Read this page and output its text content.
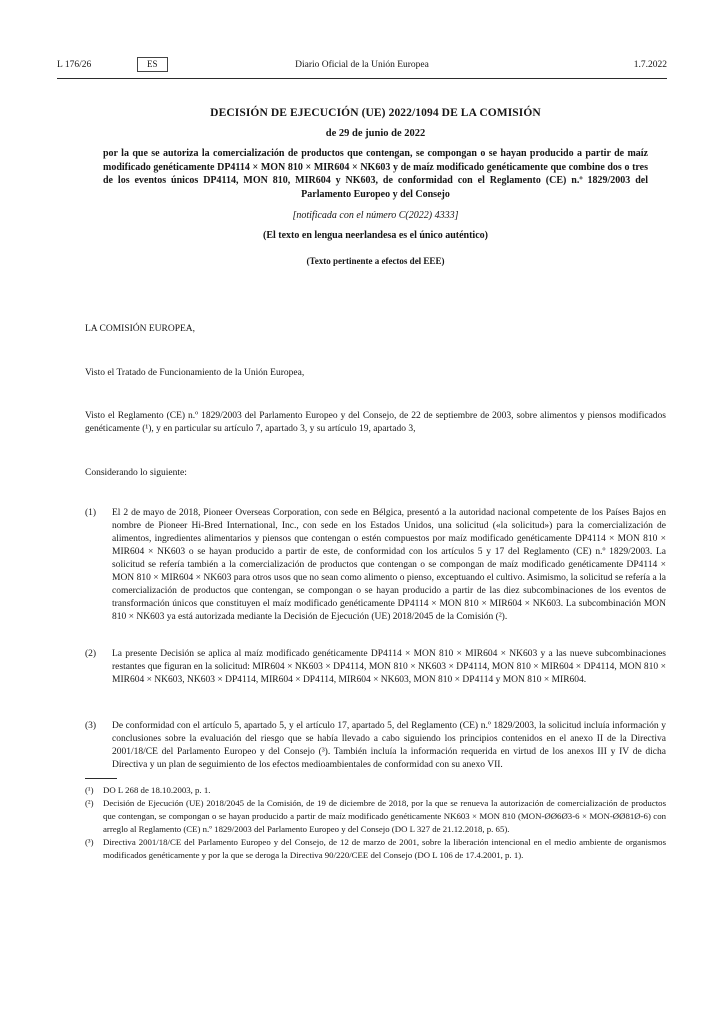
L 176/26	ES	Diario Oficial de la Unión Europea	1.7.2022
DECISIÓN DE EJECUCIÓN (UE) 2022/1094 DE LA COMISIÓN
de 29 de junio de 2022

por la que se autoriza la comercialización de productos que contengan, se compongan o se hayan producido a partir de maíz modificado genéticamente DP4114 × MON 810 × MIR604 × NK603 y de maíz modificado genéticamente que combine dos o tres de los eventos únicos DP4114, MON 810, MIR604 y NK603, de conformidad con el Reglamento (CE) n.º 1829/2003 del Parlamento Europeo y del Consejo

[notificada con el número C(2022) 4333]
(El texto en lengua neerlandesa es el único auténtico)
(Texto pertinente a efectos del EEE)

LA COMISIÓN EUROPEA,

Visto el Tratado de Funcionamiento de la Unión Europea,

Visto el Reglamento (CE) n.º 1829/2003 del Parlamento Europeo y del Consejo, de 22 de septiembre de 2003, sobre alimentos y piensos modificados genéticamente (¹), y en particular su artículo 7, apartado 3, y su artículo 19, apartado 3,

Considerando lo siguiente:

(1)	El 2 de mayo de 2018, Pioneer Overseas Corporation, con sede en Bélgica, presentó a la autoridad nacional competente de los Países Bajos en nombre de Pioneer Hi-Bred International, Inc., con sede en los Estados Unidos, una solicitud («la solicitud») para la comercialización de alimentos, ingredientes alimentarios y piensos que contengan o estén compuestos por maíz modificado genéticamente DP4114 × MON 810 × MIR604 × NK603 o se hayan producido a partir de este, de conformidad con los artículos 5 y 17 del Reglamento (CE) n.º 1829/2003. La solicitud se refería también a la comercialización de productos que contengan o se compongan de maíz modificado genéticamente DP4114 × MON 810 × MIR604 × NK603 para otros usos que no sean como alimento o pienso, exceptuando el cultivo. Asimismo, la solicitud se refería a la comercialización de productos que contengan, se compongan o se hayan producido a partir de las diez subcombinaciones de los eventos de transformación únicos que constituyen el maíz modificado genéticamente DP4114 × MON 810 × MIR604 × NK603. La subcombinación MON 810 × NK603 ya está autorizada mediante la Decisión de Ejecución (UE) 2018/2045 de la Comisión (²).

(2)	La presente Decisión se aplica al maíz modificado genéticamente DP4114 × MON 810 × MIR604 × NK603 y a las nueve subcombinaciones restantes que figuran en la solicitud: MIR604 × NK603 × DP4114, MON 810 × NK603 × DP4114, MON 810 × MIR604 × DP4114, MON 810 × MIR604 × NK603, NK603 × DP4114, MIR604 × DP4114, MIR604 × NK603, MON 810 × DP4114 y MON 810 × MIR604.

(3)	De conformidad con el artículo 5, apartado 5, y el artículo 17, apartado 5, del Reglamento (CE) n.º 1829/2003, la solicitud incluía información y conclusiones sobre la evaluación del riesgo que se había llevado a cabo siguiendo los principios contenidos en el anexo II de la Directiva 2001/18/CE del Parlamento Europeo y del Consejo (³). También incluía la información requerida en virtud de los anexos III y IV de dicha Directiva y un plan de seguimiento de los efectos medioambientales de conformidad con su anexo VII.

(¹)	DO L 268 de 18.10.2003, p. 1.

(²)	Decisión de Ejecución (UE) 2018/2045 de la Comisión, de 19 de diciembre de 2018, por la que se renueva la autorización de comercialización de productos que contengan, se compongan o se hayan producido a partir de maíz modificado genéticamente NK603 × MON 810 (MON-ØØ6Ø3-6 × MON-ØØ81Ø-6) con arreglo al Reglamento (CE) n.º 1829/2003 del Parlamento Europeo y del Consejo (DO L 327 de 21.12.2018, p. 65).

(³)	Directiva 2001/18/CE del Parlamento Europeo y del Consejo, de 12 de marzo de 2001, sobre la liberación intencional en el medio ambiente de organismos modificados genéticamente y por la que se deroga la Directiva 90/220/CEE del Consejo (DO L 106 de 17.4.2001, p. 1).
